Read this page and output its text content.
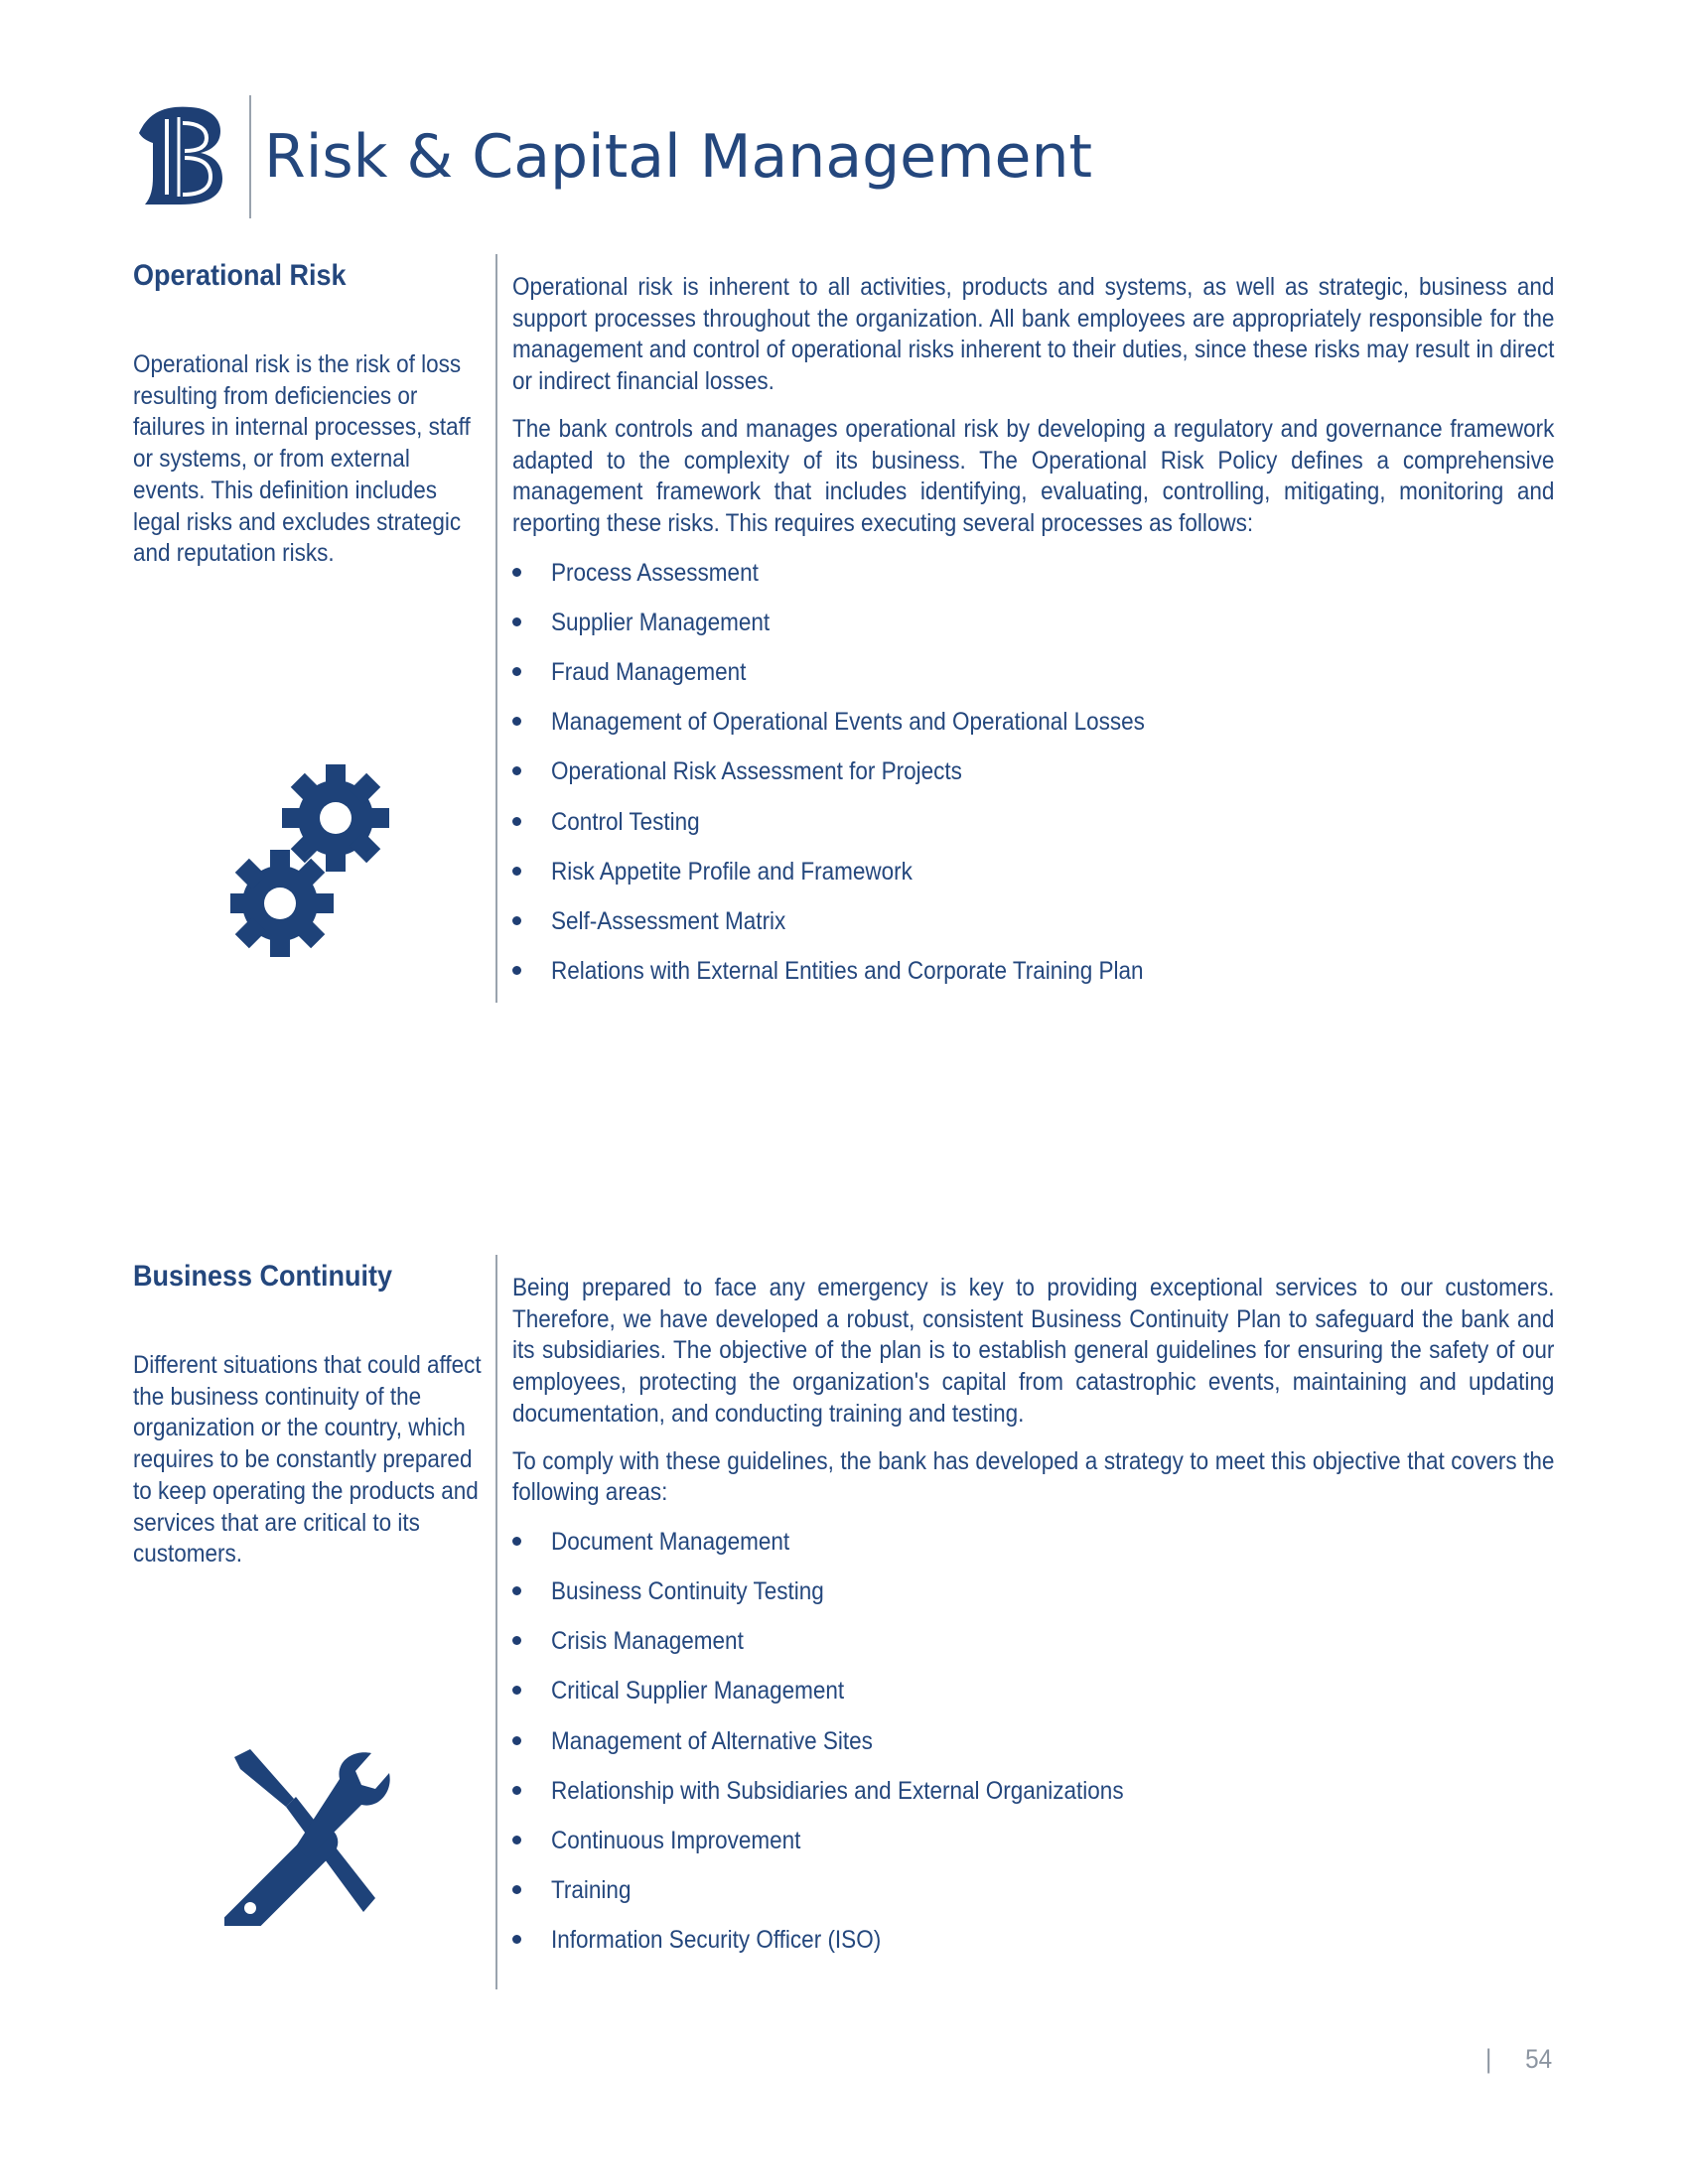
Risk & Capital Management
Operational Risk

Operational risk is the risk of loss resulting from deficiencies or failures in internal processes, staff or systems, or from external events. This definition includes legal risks and excludes strategic and reputation risks.

Operational risk is inherent to all activities, products and systems, as well as strategic, business and support processes throughout the organization. All bank employees are appropriately responsible for the management and control of operational risks inherent to their duties, since these risks may result in direct or indirect financial losses.

The bank controls and manages operational risk by developing a regulatory and governance framework adapted to the complexity of its business. The Operational Risk Policy defines a comprehensive management framework that includes identifying, evaluating, controlling, mitigating, monitoring and reporting these risks. This requires executing several processes as follows:

Process Assessment
Supplier Management
Fraud Management
Management of Operational Events and Operational Losses
Operational Risk Assessment for Projects
Control Testing
Risk Appetite Profile and Framework
Self-Assessment Matrix
Relations with External Entities and Corporate Training Plan
Business Continuity

Different situations that could affect the business continuity of the organization or the country, which requires to be constantly prepared to keep operating the products and services that are critical to its customers.

Being prepared to face any emergency is key to providing exceptional services to our customers. Therefore, we have developed a robust, consistent Business Continuity Plan to safeguard the bank and its subsidiaries. The objective of the plan is to establish general guidelines for ensuring the safety of our employees, protecting the organization's capital from catastrophic events, maintaining and updating documentation, and conducting training and testing.

To comply with these guidelines, the bank has developed a strategy to meet this objective that covers the following areas:

Document Management
Business Continuity Testing
Crisis Management
Critical Supplier Management
Management of Alternative Sites
Relationship with Subsidiaries and External Organizations
Continuous Improvement
Training
Information Security Officer (ISO)
| 54
